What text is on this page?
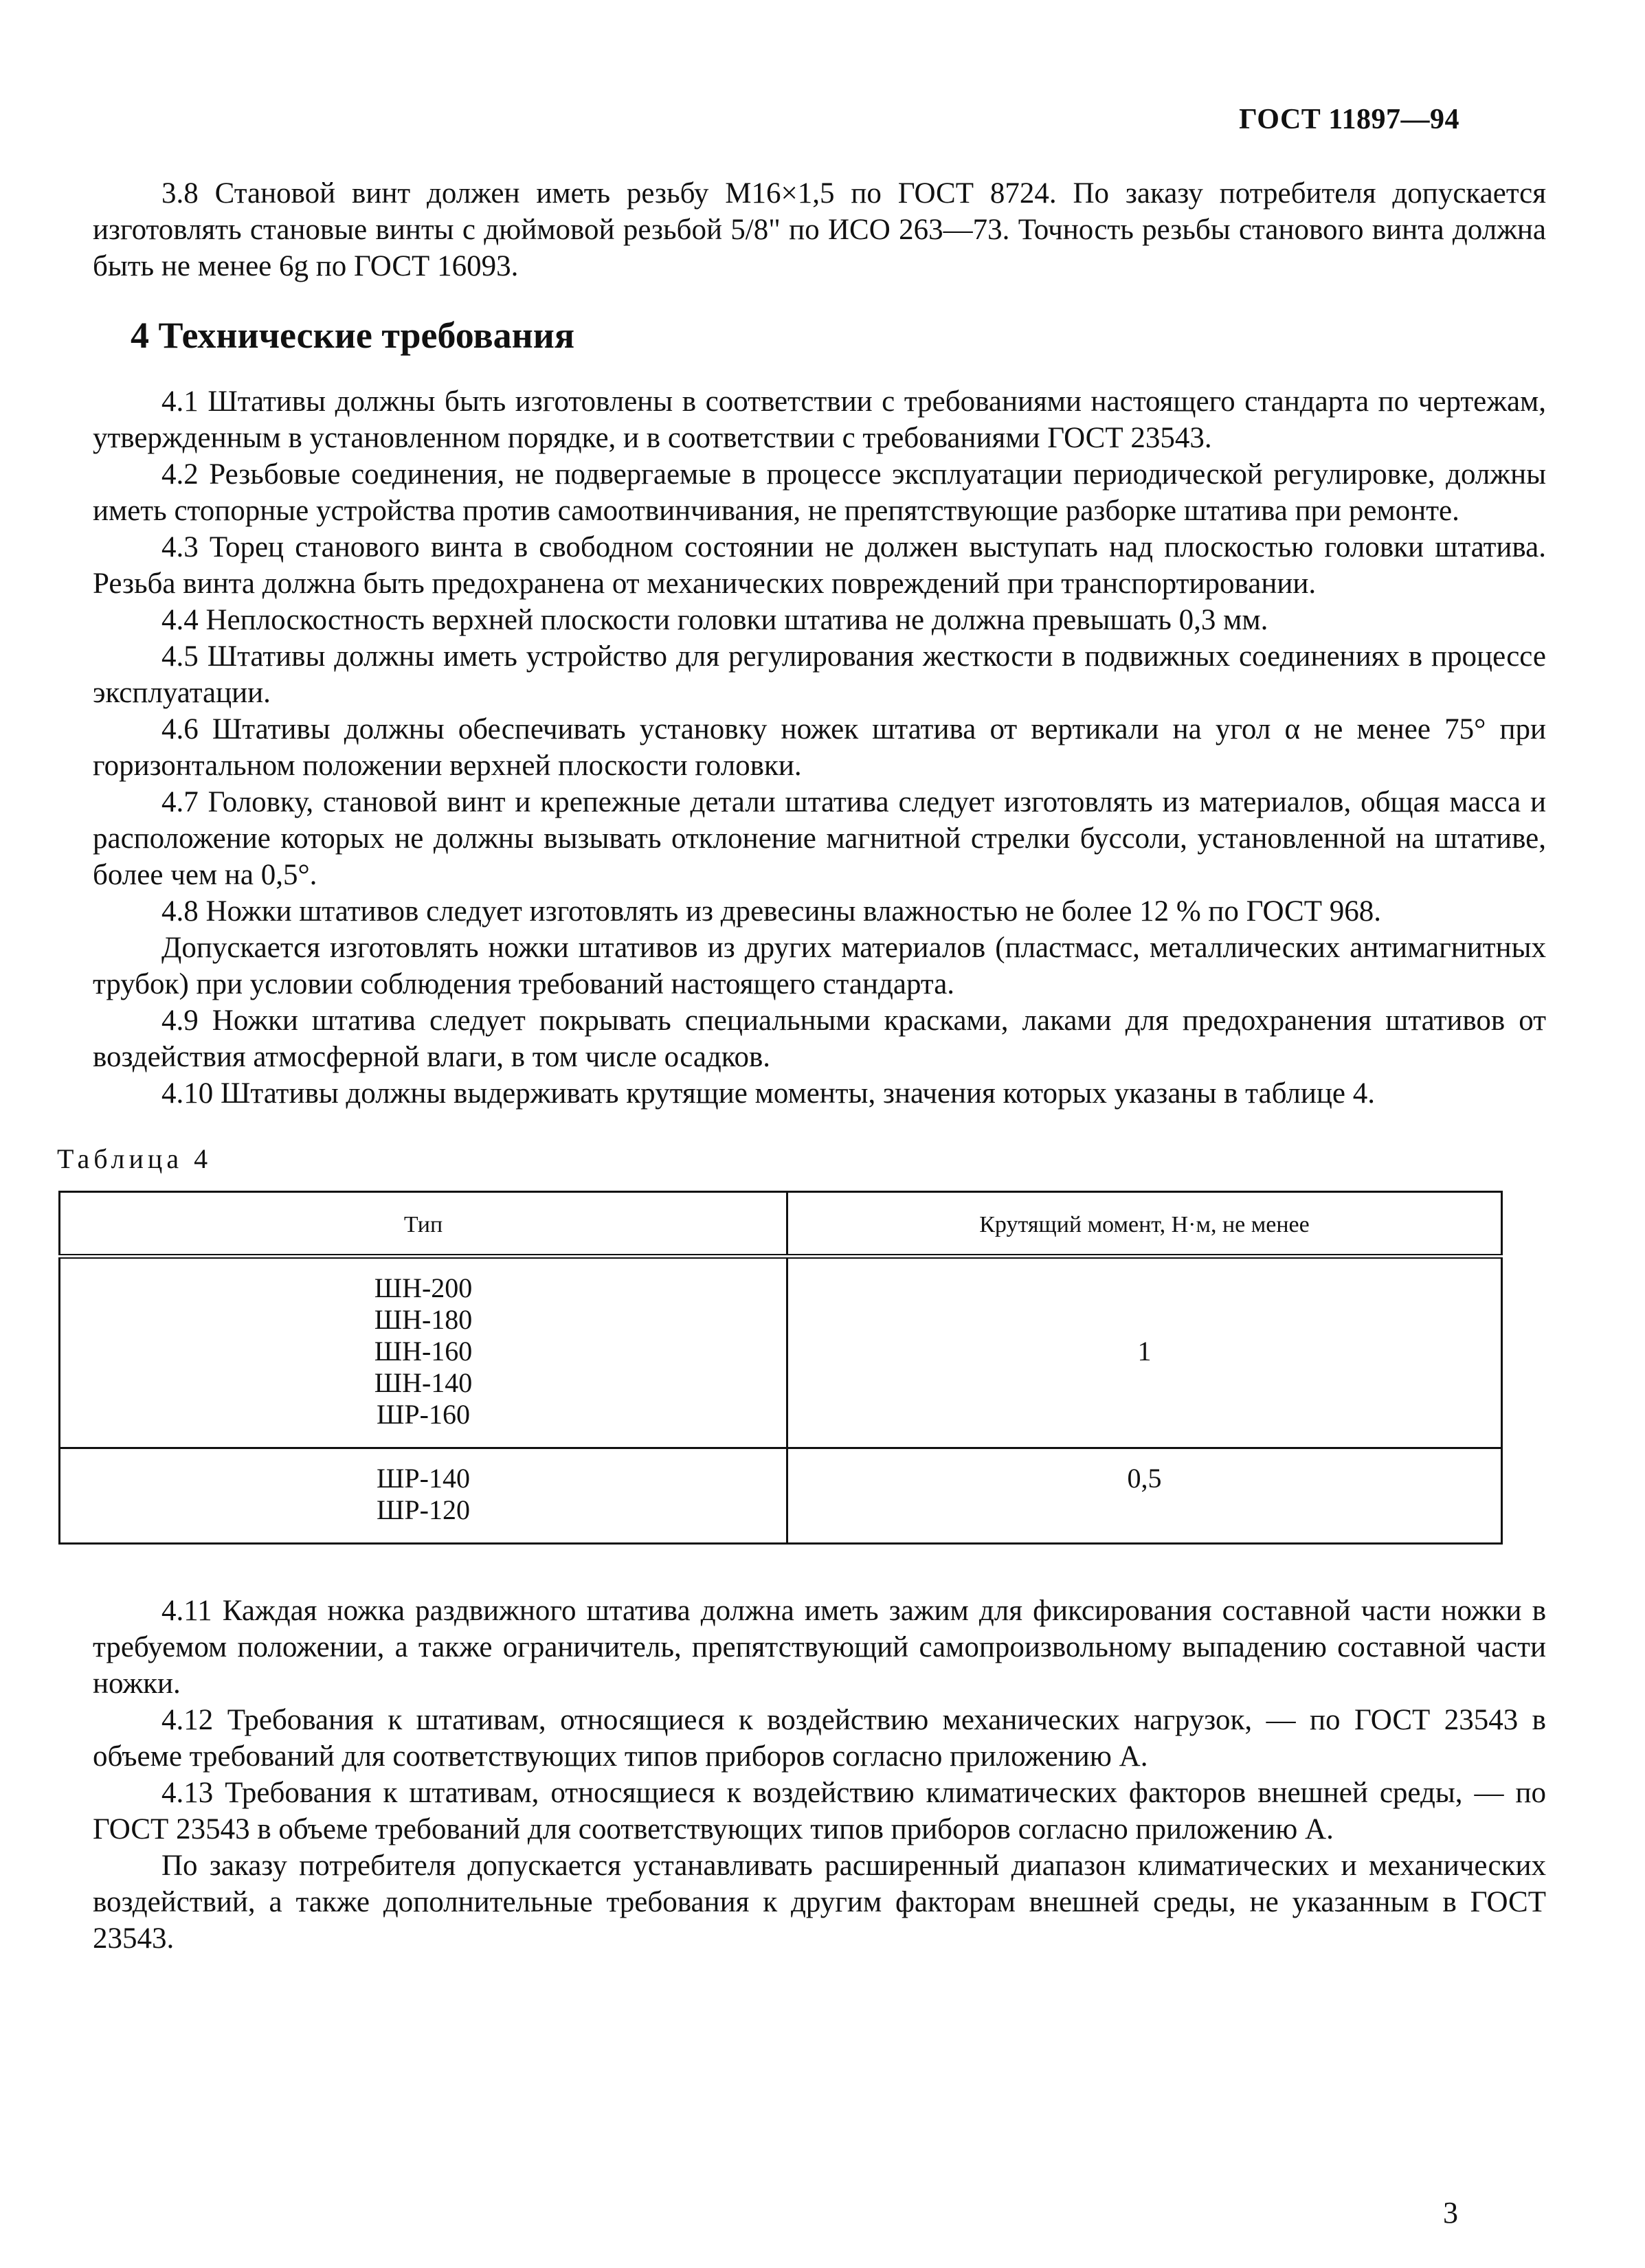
ГОСТ 11897—94

3.8 Становой винт должен иметь резьбу М16×1,5 по ГОСТ 8724. По заказу потребителя допускается изготовлять становые винты с дюймовой резьбой 5/8" по ИСО 263—73. Точность резьбы станового винта должна быть не менее 6g по ГОСТ 16093.

4 Технические требования

4.1 Штативы должны быть изготовлены в соответствии с требованиями настоящего стандарта по чертежам, утвержденным в установленном порядке, и в соответствии с требованиями ГОСТ 23543.

4.2 Резьбовые соединения, не подвергаемые в процессе эксплуатации периодической регулировке, должны иметь стопорные устройства против самоотвинчивания, не препятствующие разборке штатива при ремонте.

4.3 Торец станового винта в свободном состоянии не должен выступать над плоскостью головки штатива. Резьба винта должна быть предохранена от механических повреждений при транспортировании.

4.4 Неплоскостность верхней плоскости головки штатива не должна превышать 0,3 мм.

4.5 Штативы должны иметь устройство для регулирования жесткости в подвижных соединениях в процессе эксплуатации.

4.6 Штативы должны обеспечивать установку ножек штатива от вертикали на угол α не менее 75° при горизонтальном положении верхней плоскости головки.

4.7 Головку, становой винт и крепежные детали штатива следует изготовлять из материалов, общая масса и расположение которых не должны вызывать отклонение магнитной стрелки буссоли, установленной на штативе, более чем на 0,5°.

4.8 Ножки штативов следует изготовлять из древесины влажностью не более 12 % по ГОСТ 968.

Допускается изготовлять ножки штативов из других материалов (пластмасс, металлических антимагнитных трубок) при условии соблюдения требований настоящего стандарта.

4.9 Ножки штатива следует покрывать специальными красками, лаками для предохранения штативов от воздействия атмосферной влаги, в том числе осадков.

4.10 Штативы должны выдерживать крутящие моменты, значения которых указаны в таблице 4.

Таблица 4
Тип	Крутящий момент, Н·м, не менее

ШН-200
ШН-180
ШН-160
ШН-140
ШР-160	1

ШР-140
ШР-120	0,5

4.11 Каждая ножка раздвижного штатива должна иметь зажим для фиксирования составной части ножки в требуемом положении, а также ограничитель, препятствующий самопроизвольному выпадению составной части ножки.

4.12 Требования к штативам, относящиеся к воздействию механических нагрузок, — по ГОСТ 23543 в объеме требований для соответствующих типов приборов согласно приложению А.

4.13 Требования к штативам, относящиеся к воздействию климатических факторов внешней среды, — по ГОСТ 23543 в объеме требований для соответствующих типов приборов согласно приложению А.

По заказу потребителя допускается устанавливать расширенный диапазон климатических и механических воздействий, а также дополнительные требования к другим факторам внешней среды, не указанным в ГОСТ 23543.

3
